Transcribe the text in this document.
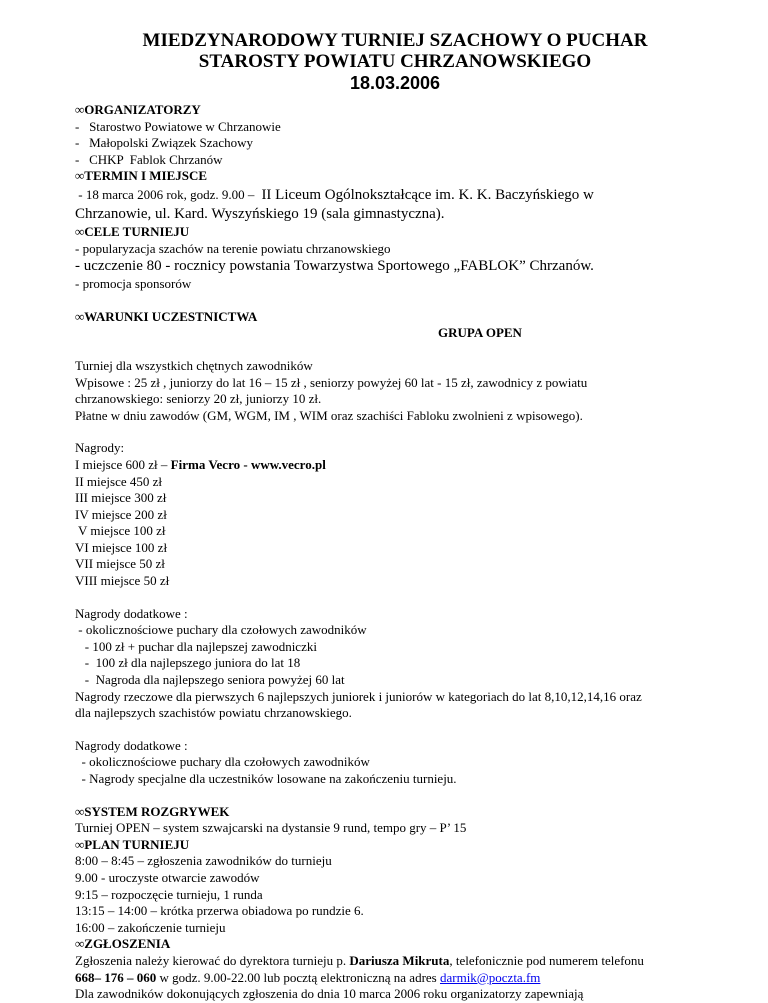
MIEDZYNARODOWY TURNIEJ SZACHOWY O PUCHAR
STAROSTY POWIATU CHRZANOWSKIEGO
18.03.2006
∞ORGANIZATORZY
-   Starostwo Powiatowe w Chrzanowie
-   Małopolski Związek Szachowy
-   CHKP  Fablok Chrzanów
∞TERMIN I MIEJSCE
- 18 marca 2006 rok, godz. 9.00 –  II Liceum Ogólnokształcące im. K. K. Baczyńskiego w
Chrzanowie, ul. Kard. Wyszyńskiego 19 (sala gimnastyczna).
∞CELE TURNIEJU
- popularyzacja szachów na terenie powiatu chrzanowskiego
- uczczenie 80 - rocznicy powstania Towarzystwa Sportowego „FABLOK” Chrzanów.
- promocja sponsorów
∞WARUNKI UCZESTNICTWA
GRUPA OPEN
Turniej dla wszystkich chętnych zawodników
Wpisowe : 25 zł , juniorzy do lat 16 – 15 zł , seniorzy powyżej 60 lat - 15 zł, zawodnicy z powiatu
chrzanowskiego: seniorzy 20 zł, juniorzy 10 zł.
Płatne w dniu zawodów (GM, WGM, IM , WIM oraz szachiści Fabloku zwolnieni z wpisowego).
Nagrody:
I miejsce 600 zł – Firma Vecro - www.vecro.pl
II miejsce 450 zł
III miejsce 300 zł
IV miejsce 200 zł
V miejsce 100 zł
VI miejsce 100 zł
VII miejsce 50 zł
VIII miejsce 50 zł
Nagrody dodatkowe :
- okolicznościowe puchary dla czołowych zawodników
- 100 zł + puchar dla najlepszej zawodniczki
-  100 zł dla najlepszego juniora do lat 18
-  Nagroda dla najlepszego seniora powyżej 60 lat
Nagrody rzeczowe dla pierwszych 6 najlepszych juniorek i juniorów w kategoriach do lat 8,10,12,14,16 oraz
dla najlepszych szachistów powiatu chrzanowskiego.
Nagrody dodatkowe :
- okolicznościowe puchary dla czołowych zawodników
- Nagrody specjalne dla uczestników losowane na zakończeniu turnieju.
∞SYSTEM ROZGRYWEK
Turniej OPEN – system szwajcarski na dystansie 9 rund, tempo gry – P’ 15
∞PLAN TURNIEJU
8:00 – 8:45 – zgłoszenia zawodników do turnieju
9.00 - uroczyste otwarcie zawodów
9:15 – rozpoczęcie turnieju, 1 runda
13:15 – 14:00 – krótka przerwa obiadowa po rundzie 6.
16:00 – zakończenie turnieju
∞ZGŁOSZENIA
Zgłoszenia należy kierować do dyrektora turnieju p. Dariusza Mikruta, telefonicznie pod numerem telefonu
668– 176 – 060 w godz. 9.00-22.00 lub pocztą elektroniczną na adres darmik@poczta.fm
Dla zawodników dokonujących zgłoszenia do dnia 10 marca 2006 roku organizatorzy zapewniają
